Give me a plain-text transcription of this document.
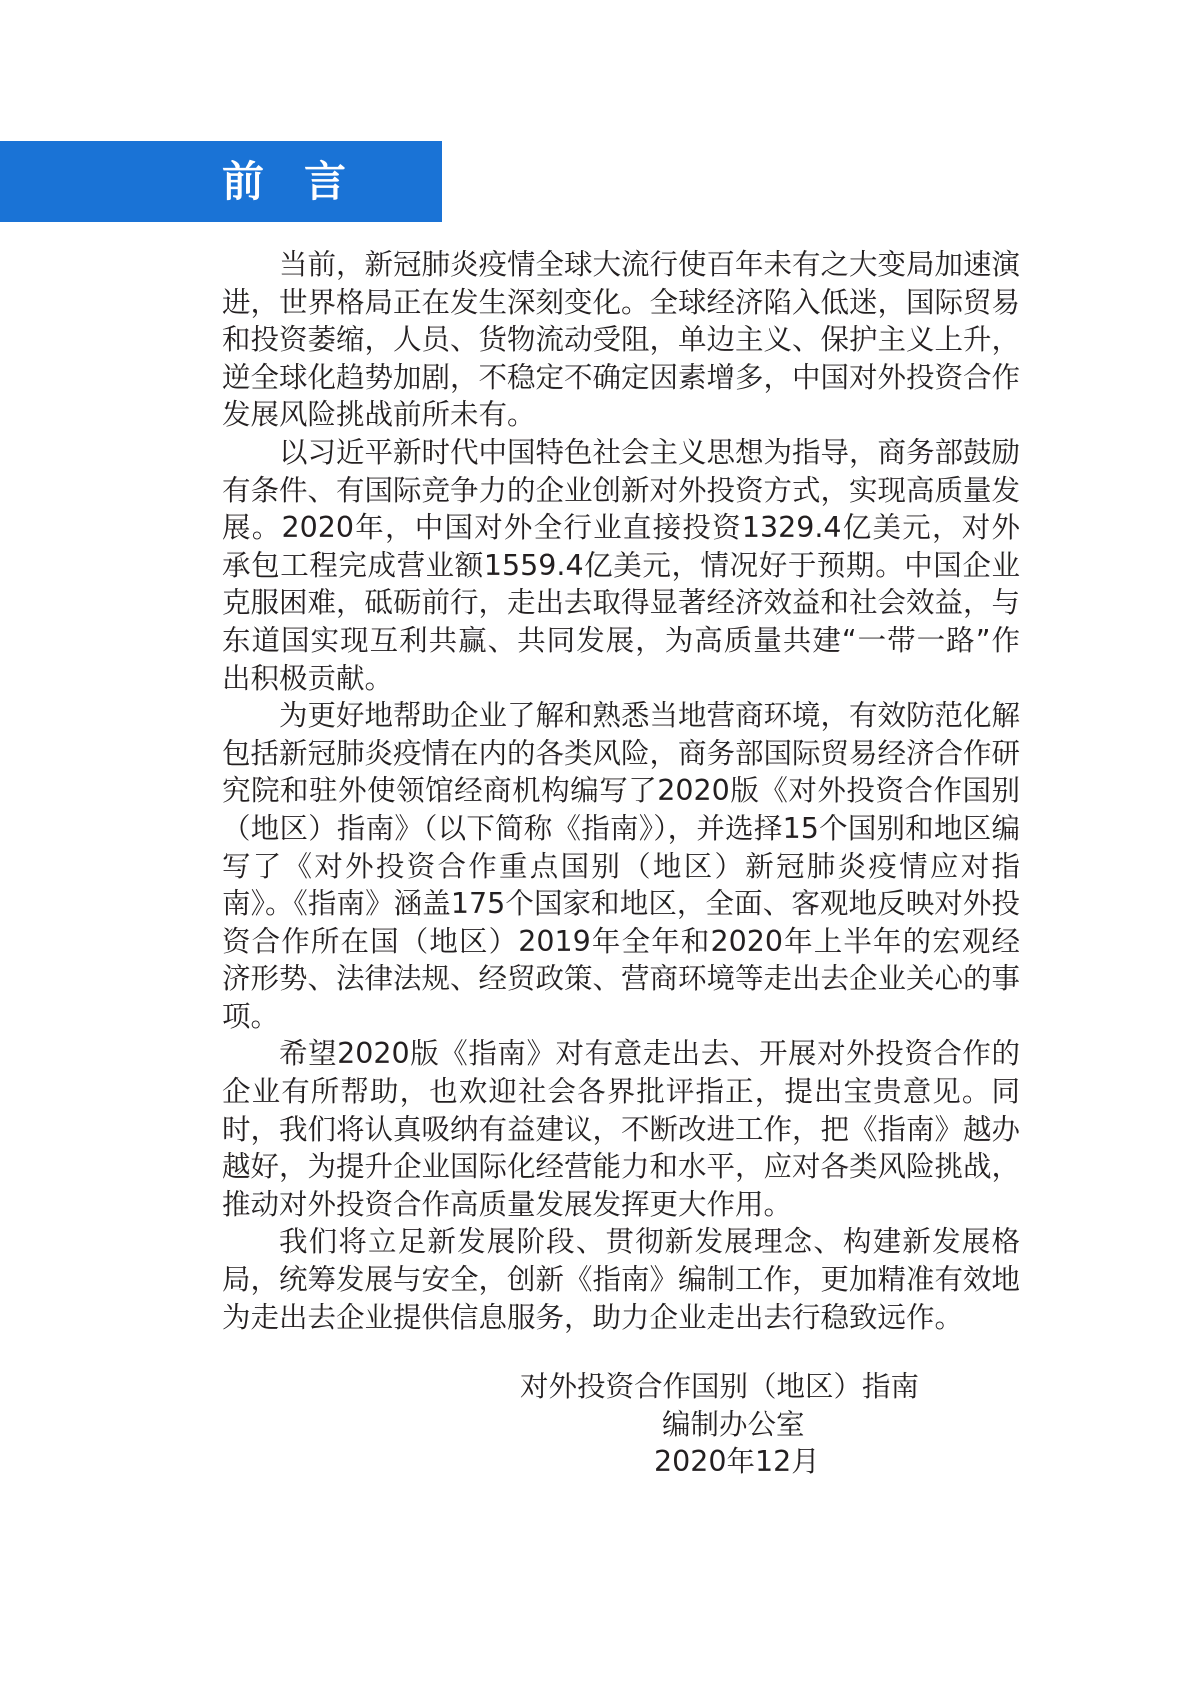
前言

当前，新冠肺炎疫情全球大流行使百年未有之大变局加速演进，世界格局正在发生深刻变化。全球经济陷入低迷，国际贸易和投资萎缩，人员、货物流动受阻，单边主义、保护主义上升，逆全球化趋势加剧，不稳定不确定因素增多，中国对外投资合作发展风险挑战前所未有。

以习近平新时代中国特色社会主义思想为指导，商务部鼓励有条件、有国际竞争力的企业创新对外投资方式，实现高质量发展。2020年，中国对外全行业直接投资1329.4亿美元，对外承包工程完成营业额1559.4亿美元，情况好于预期。中国企业克服困难，砥砺前行，走出去取得显著经济效益和社会效益，与东道国实现互利共赢、共同发展，为高质量共建“一带一路”作出积极贡献。

为更好地帮助企业了解和熟悉当地营商环境，有效防范化解包括新冠肺炎疫情在内的各类风险，商务部国际贸易经济合作研究院和驻外使领馆经商机构编写了2020版《对外投资合作国别（地区）指南》（以下简称《指南》），并选择15个国别和地区编写了《对外投资合作重点国别（地区）新冠肺炎疫情应对指南》。《指南》涵盖175个国家和地区，全面、客观地反映对外投资合作所在国（地区）2019年全年和2020年上半年的宏观经济形势、法律法规、经贸政策、营商环境等走出去企业关心的事项。

希望2020版《指南》对有意走出去、开展对外投资合作的企业有所帮助，也欢迎社会各界批评指正，提出宝贵意见。同时，我们将认真吸纳有益建议，不断改进工作，把《指南》越办越好，为提升企业国际化经营能力和水平，应对各类风险挑战，推动对外投资合作高质量发展发挥更大作用。

我们将立足新发展阶段、贯彻新发展理念、构建新发展格局，统筹发展与安全，创新《指南》编制工作，更加精准有效地为走出去企业提供信息服务，助力企业走出去行稳致远作。

对外投资合作国别（地区）指南
编制办公室
2020年12月
